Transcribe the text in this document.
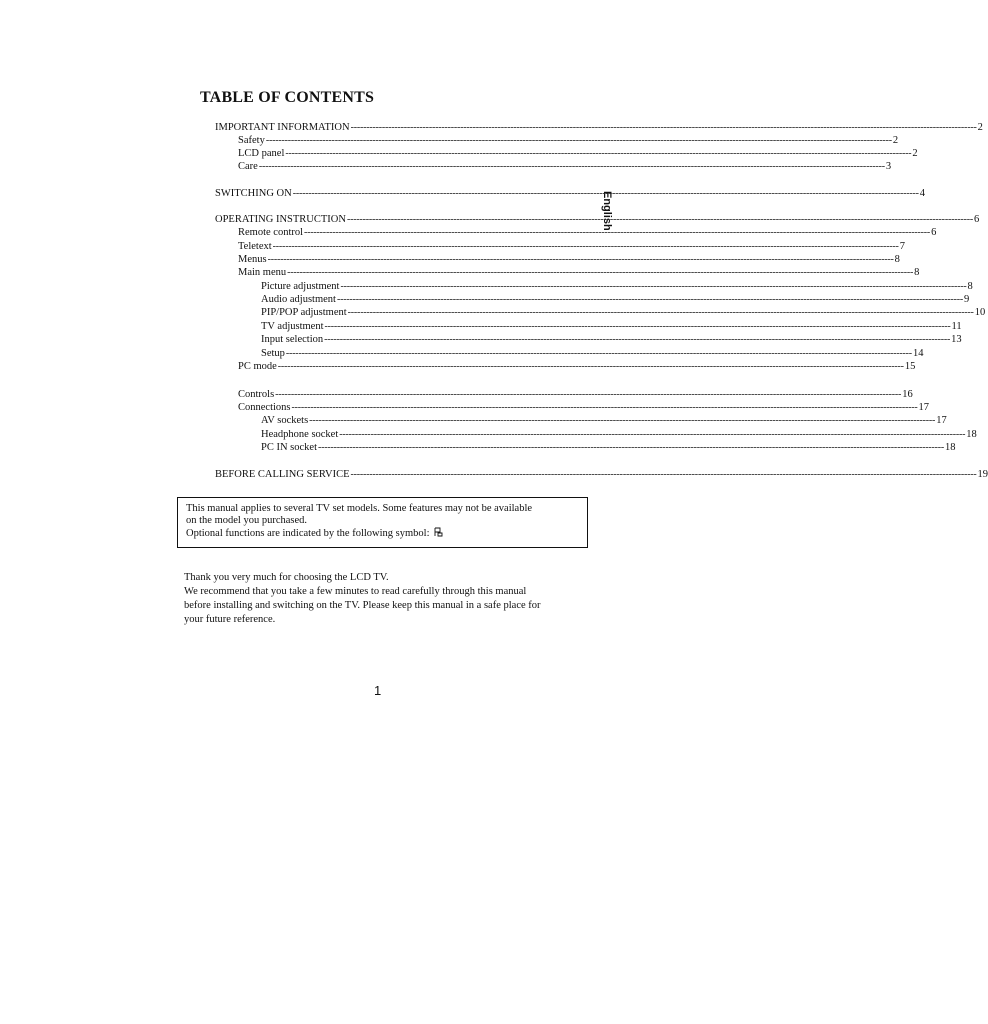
TABLE OF CONTENTS
English
IMPORTANT INFORMATION -------------------------------------------------------------------------------------------------------------------------------------------------------------------------------------------------------- 2
Safety -------------------------------------------------------------------------------------------------------------------------------------------------------------------------------------------------------- 2
LCD panel -------------------------------------------------------------------------------------------------------------------------------------------------------------------------------------------------------- 2
Care -------------------------------------------------------------------------------------------------------------------------------------------------------------------------------------------------------- 3
SWITCHING ON -------------------------------------------------------------------------------------------------------------------------------------------------------------------------------------------------------- 4
OPERATING INSTRUCTION -------------------------------------------------------------------------------------------------------------------------------------------------------------------------------------------------------- 6
Remote control -------------------------------------------------------------------------------------------------------------------------------------------------------------------------------------------------------- 6
Teletext -------------------------------------------------------------------------------------------------------------------------------------------------------------------------------------------------------- 7
Menus -------------------------------------------------------------------------------------------------------------------------------------------------------------------------------------------------------- 8
Main menu -------------------------------------------------------------------------------------------------------------------------------------------------------------------------------------------------------- 8
Picture adjustment -------------------------------------------------------------------------------------------------------------------------------------------------------------------------------------------------------- 8
Audio adjustment -------------------------------------------------------------------------------------------------------------------------------------------------------------------------------------------------------- 9
PIP/POP adjustment -------------------------------------------------------------------------------------------------------------------------------------------------------------------------------------------------------- 10
TV adjustment -------------------------------------------------------------------------------------------------------------------------------------------------------------------------------------------------------- 11
Input selection -------------------------------------------------------------------------------------------------------------------------------------------------------------------------------------------------------- 13
Setup -------------------------------------------------------------------------------------------------------------------------------------------------------------------------------------------------------- 14
PC mode -------------------------------------------------------------------------------------------------------------------------------------------------------------------------------------------------------- 15
Controls -------------------------------------------------------------------------------------------------------------------------------------------------------------------------------------------------------- 16
Connections -------------------------------------------------------------------------------------------------------------------------------------------------------------------------------------------------------- 17
AV sockets -------------------------------------------------------------------------------------------------------------------------------------------------------------------------------------------------------- 17
Headphone socket -------------------------------------------------------------------------------------------------------------------------------------------------------------------------------------------------------- 18
PC IN socket -------------------------------------------------------------------------------------------------------------------------------------------------------------------------------------------------------- 18
BEFORE CALLING SERVICE -------------------------------------------------------------------------------------------------------------------------------------------------------------------------------------------------------- 19
This manual applies to several TV set models. Some features may not be available
on the model you purchased.
Optional functions are indicated by the following symbol:
Thank you very much for choosing the LCD TV.
We recommend that you take a few minutes to read carefully through this manual
before installing and switching on the TV. Please keep this manual in a safe place for
your future reference.
1
